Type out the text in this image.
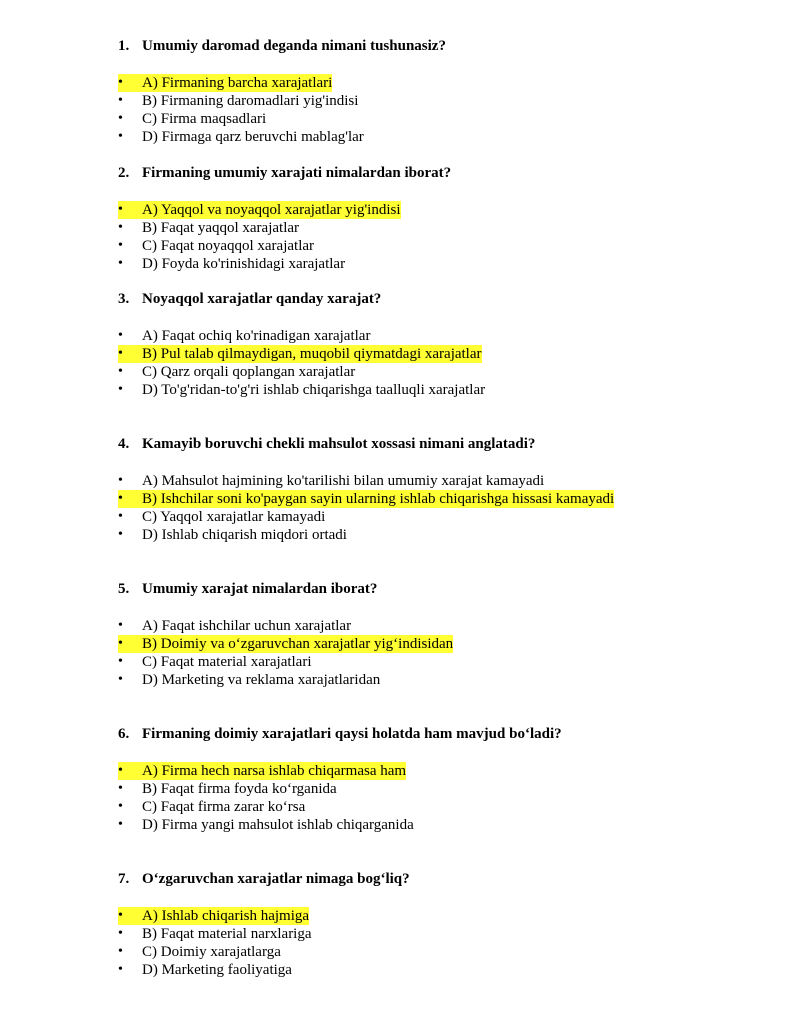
1. Umumiy daromad deganda nimani tushunasiz?
•	A) Firmaning barcha xarajatlari
•	B) Firmaning daromadlari yig'indisi
•	C) Firma maqsadlari
•	D) Firmaga qarz beruvchi mablag'lar
2. Firmaning umumiy xarajati nimalardan iborat?
•	A) Yaqqol va noyaqqol xarajatlar yig'indisi
•	B) Faqat yaqqol xarajatlar
•	C) Faqat noyaqqol xarajatlar
•	D) Foyda ko'rinishidagi xarajatlar
3. Noyaqqol xarajatlar qanday xarajat?
•	A) Faqat ochiq ko'rinadigan xarajatlar
•	B) Pul talab qilmaydigan, muqobil qiymatdagi xarajatlar
•	C) Qarz orqali qoplangan xarajatlar
•	D) To'g'ridan-to'g'ri ishlab chiqarishga taalluqli xarajatlar
4. Kamayib boruvchi chekli mahsulot xossasi nimani anglatadi?
•	A) Mahsulot hajmining ko'tarilishi bilan umumiy xarajat kamayadi
•	B) Ishchilar soni ko'paygan sayin ularning ishlab chiqarishga hissasi kamayadi
•	C) Yaqqol xarajatlar kamayadi
•	D) Ishlab chiqarish miqdori ortadi
5. Umumiy xarajat nimalardan iborat?
•	A) Faqat ishchilar uchun xarajatlar
•	B) Doimiy va o‘zgaruvchan xarajatlar yig‘indisidan
•	C) Faqat material xarajatlari
•	D) Marketing va reklama xarajatlaridan
6. Firmaning doimiy xarajatlari qaysi holatda ham mavjud bo‘ladi?
•	A) Firma hech narsa ishlab chiqarmasa ham
•	B) Faqat firma foyda ko‘rganida
•	C) Faqat firma zarar ko‘rsa
•	D) Firma yangi mahsulot ishlab chiqarganida
7. O‘zgaruvchan xarajatlar nimaga bog‘liq?
•	A) Ishlab chiqarish hajmiga
•	B) Faqat material narxlariga
•	C) Doimiy xarajatlarga
•	D) Marketing faoliyatiga
